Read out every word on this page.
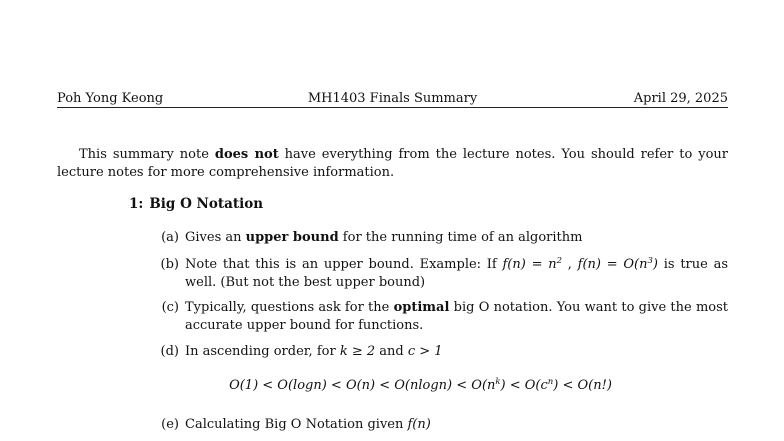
Poh Yong Keong	MH1403 Finals Summary	April 29, 2025

This summary note does not have everything from the lecture notes. You should refer to your lecture notes for more comprehensive information.

1: Big O Notation
(a) Gives an upper bound for the running time of an algorithm
(b) Note that this is an upper bound. Example: If $f(n) = n^2$ , $f(n) = O(n^3)$ is true as well. (But not the best upper bound)
(c) Typically, questions ask for the optimal big O notation. You want to give the most accurate upper bound for functions.
(d) In ascending order, for k ≥ 2 and c > 1
$O(1) < O(\log n) < O(n) < O(nlogn) < O(n^k) < O(c^n) < O(n!)$
(e) Calculating Big O Notation given f(n)
